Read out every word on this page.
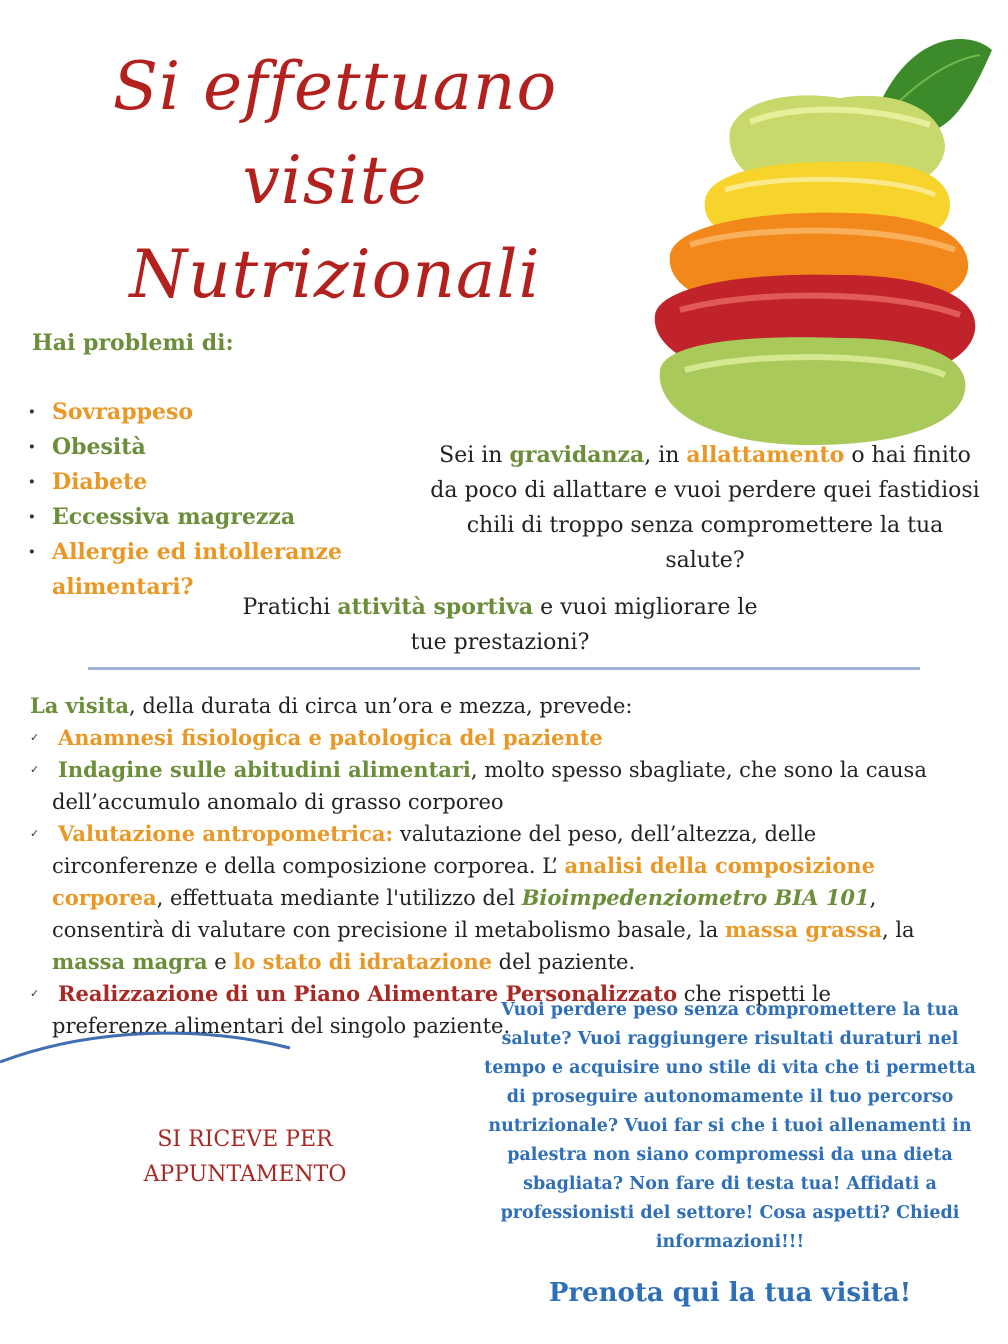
Si effettuano
visite
Nutrizionali
Hai problemi di:
· Sovrappeso
· Obesità
· Diabete
· Eccessiva magrezza
· Allergie ed intolleranze alimentari?
Sei in gravidanza, in allattamento o hai finito da poco di allattare e vuoi perdere quei fastidiosi chili di troppo senza compromettere la tua salute?
Pratichi attività sportiva e vuoi migliorare le tue prestazioni?
La visita, della durata di circa un’ora e mezza, prevede:
✓ Anamnesi fisiologica e patologica del paziente
✓ Indagine sulle abitudini alimentari, molto spesso sbagliate, che sono la causa dell’accumulo anomalo di grasso corporeo
✓ Valutazione antropometrica: valutazione del peso, dell’altezza, delle circonferenze e della composizione corporea. L’ analisi della composizione corporea, effettuata mediante l'utilizzo del Bioimpedenziometro BIA 101, consentirà di valutare con precisione il metabolismo basale, la massa grassa, la massa magra e lo stato di idratazione del paziente.
✓ Realizzazione di un Piano Alimentare Personalizzato che rispetti le preferenze alimentari del singolo paziente.
SI RICEVE PER
APPUNTAMENTO
Vuoi perdere peso senza compromettere la tua salute? Vuoi raggiungere risultati duraturi nel tempo e acquisire uno stile di vita che ti permetta di proseguire autonomamente il tuo percorso nutrizionale? Vuoi far si che i tuoi allenamenti in palestra non siano compromessi da una dieta sbagliata? Non fare di testa tua! Affidati a professionisti del settore! Cosa aspetti? Chiedi informazioni!!!
Prenota qui la tua visita!
